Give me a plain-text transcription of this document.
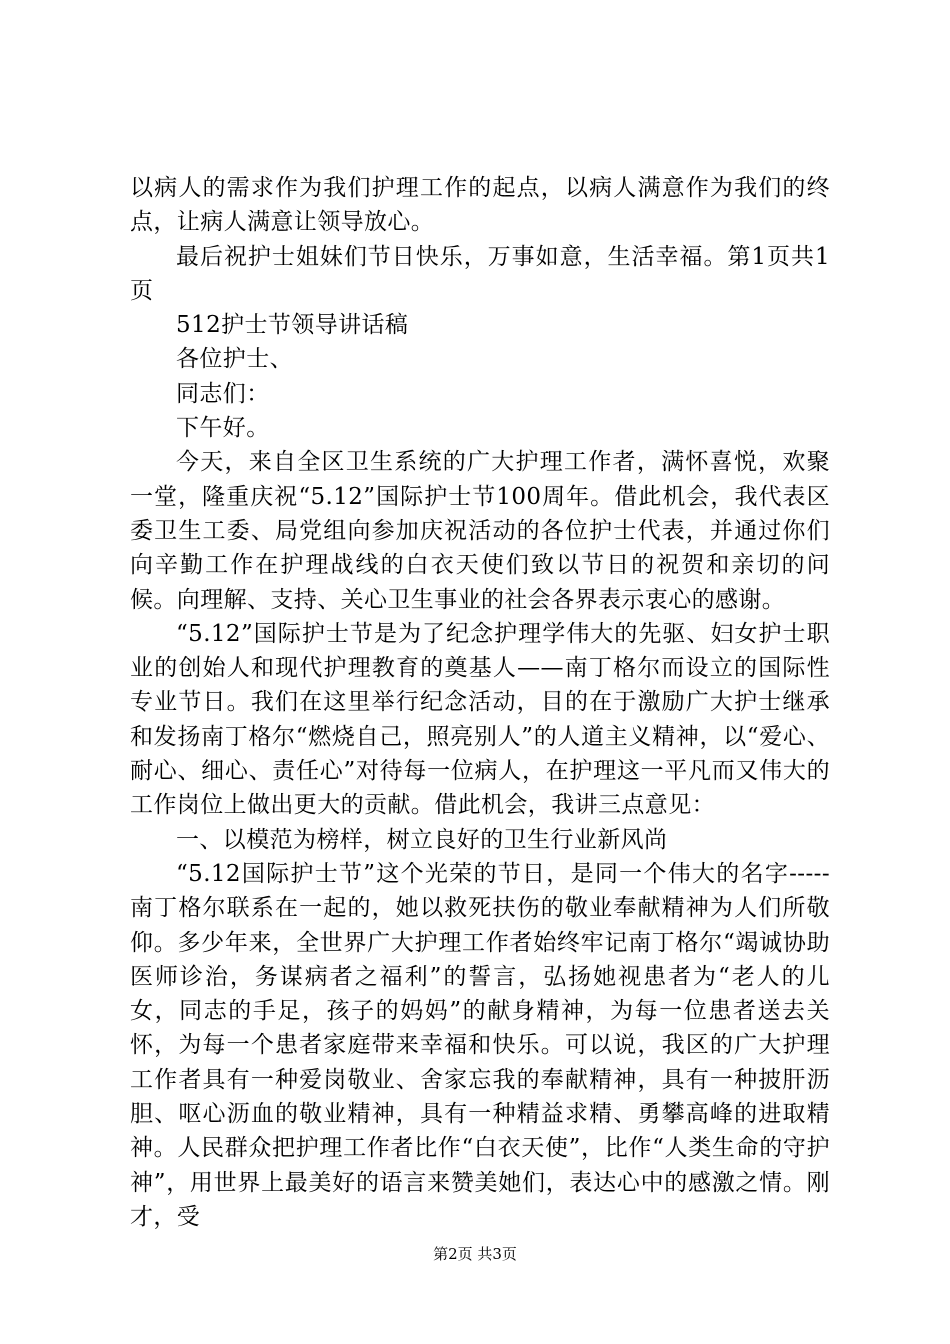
以病人的需求作为我们护理工作的起点，以病人满意作为我们的终点，让病人满意让领导放心。

最后祝护士姐妹们节日快乐，万事如意，生活幸福。第1页共1页

512护士节领导讲话稿

各位护士、

同志们：

下午好。

今天，来自全区卫生系统的广大护理工作者，满怀喜悦，欢聚一堂，隆重庆祝“5.12”国际护士节100周年。借此机会，我代表区委卫生工委、局党组向参加庆祝活动的各位护士代表，并通过你们向辛勤工作在护理战线的白衣天使们致以节日的祝贺和亲切的问候。向理解、支持、关心卫生事业的社会各界表示衷心的感谢。

“5.12”国际护士节是为了纪念护理学伟大的先驱、妇女护士职业的创始人和现代护理教育的奠基人——南丁格尔而设立的国际性专业节日。我们在这里举行纪念活动，目的在于激励广大护士继承和发扬南丁格尔“燃烧自己，照亮别人”的人道主义精神，以“爱心、耐心、细心、责任心”对待每一位病人，在护理这一平凡而又伟大的工作岗位上做出更大的贡献。借此机会，我讲三点意见：

一、以模范为榜样，树立良好的卫生行业新风尚

“5.12国际护士节”这个光荣的节日，是同一个伟大的名字-----南丁格尔联系在一起的，她以救死扶伤的敬业奉献精神为人们所敬仰。多少年来，全世界广大护理工作者始终牢记南丁格尔“竭诚协助医师诊治，务谋病者之福利”的誓言，弘扬她视患者为“老人的儿女，同志的手足，孩子的妈妈”的献身精神，为每一位患者送去关怀，为每一个患者家庭带来幸福和快乐。可以说，我区的广大护理工作者具有一种爱岗敬业、舍家忘我的奉献精神，具有一种披肝沥胆、呕心沥血的敬业精神，具有一种精益求精、勇攀高峰的进取精神。人民群众把护理工作者比作“白衣天使”，比作“人类生命的守护神”，用世界上最美好的语言来赞美她们，表达心中的感激之情。刚才，受

第2页 共3页
